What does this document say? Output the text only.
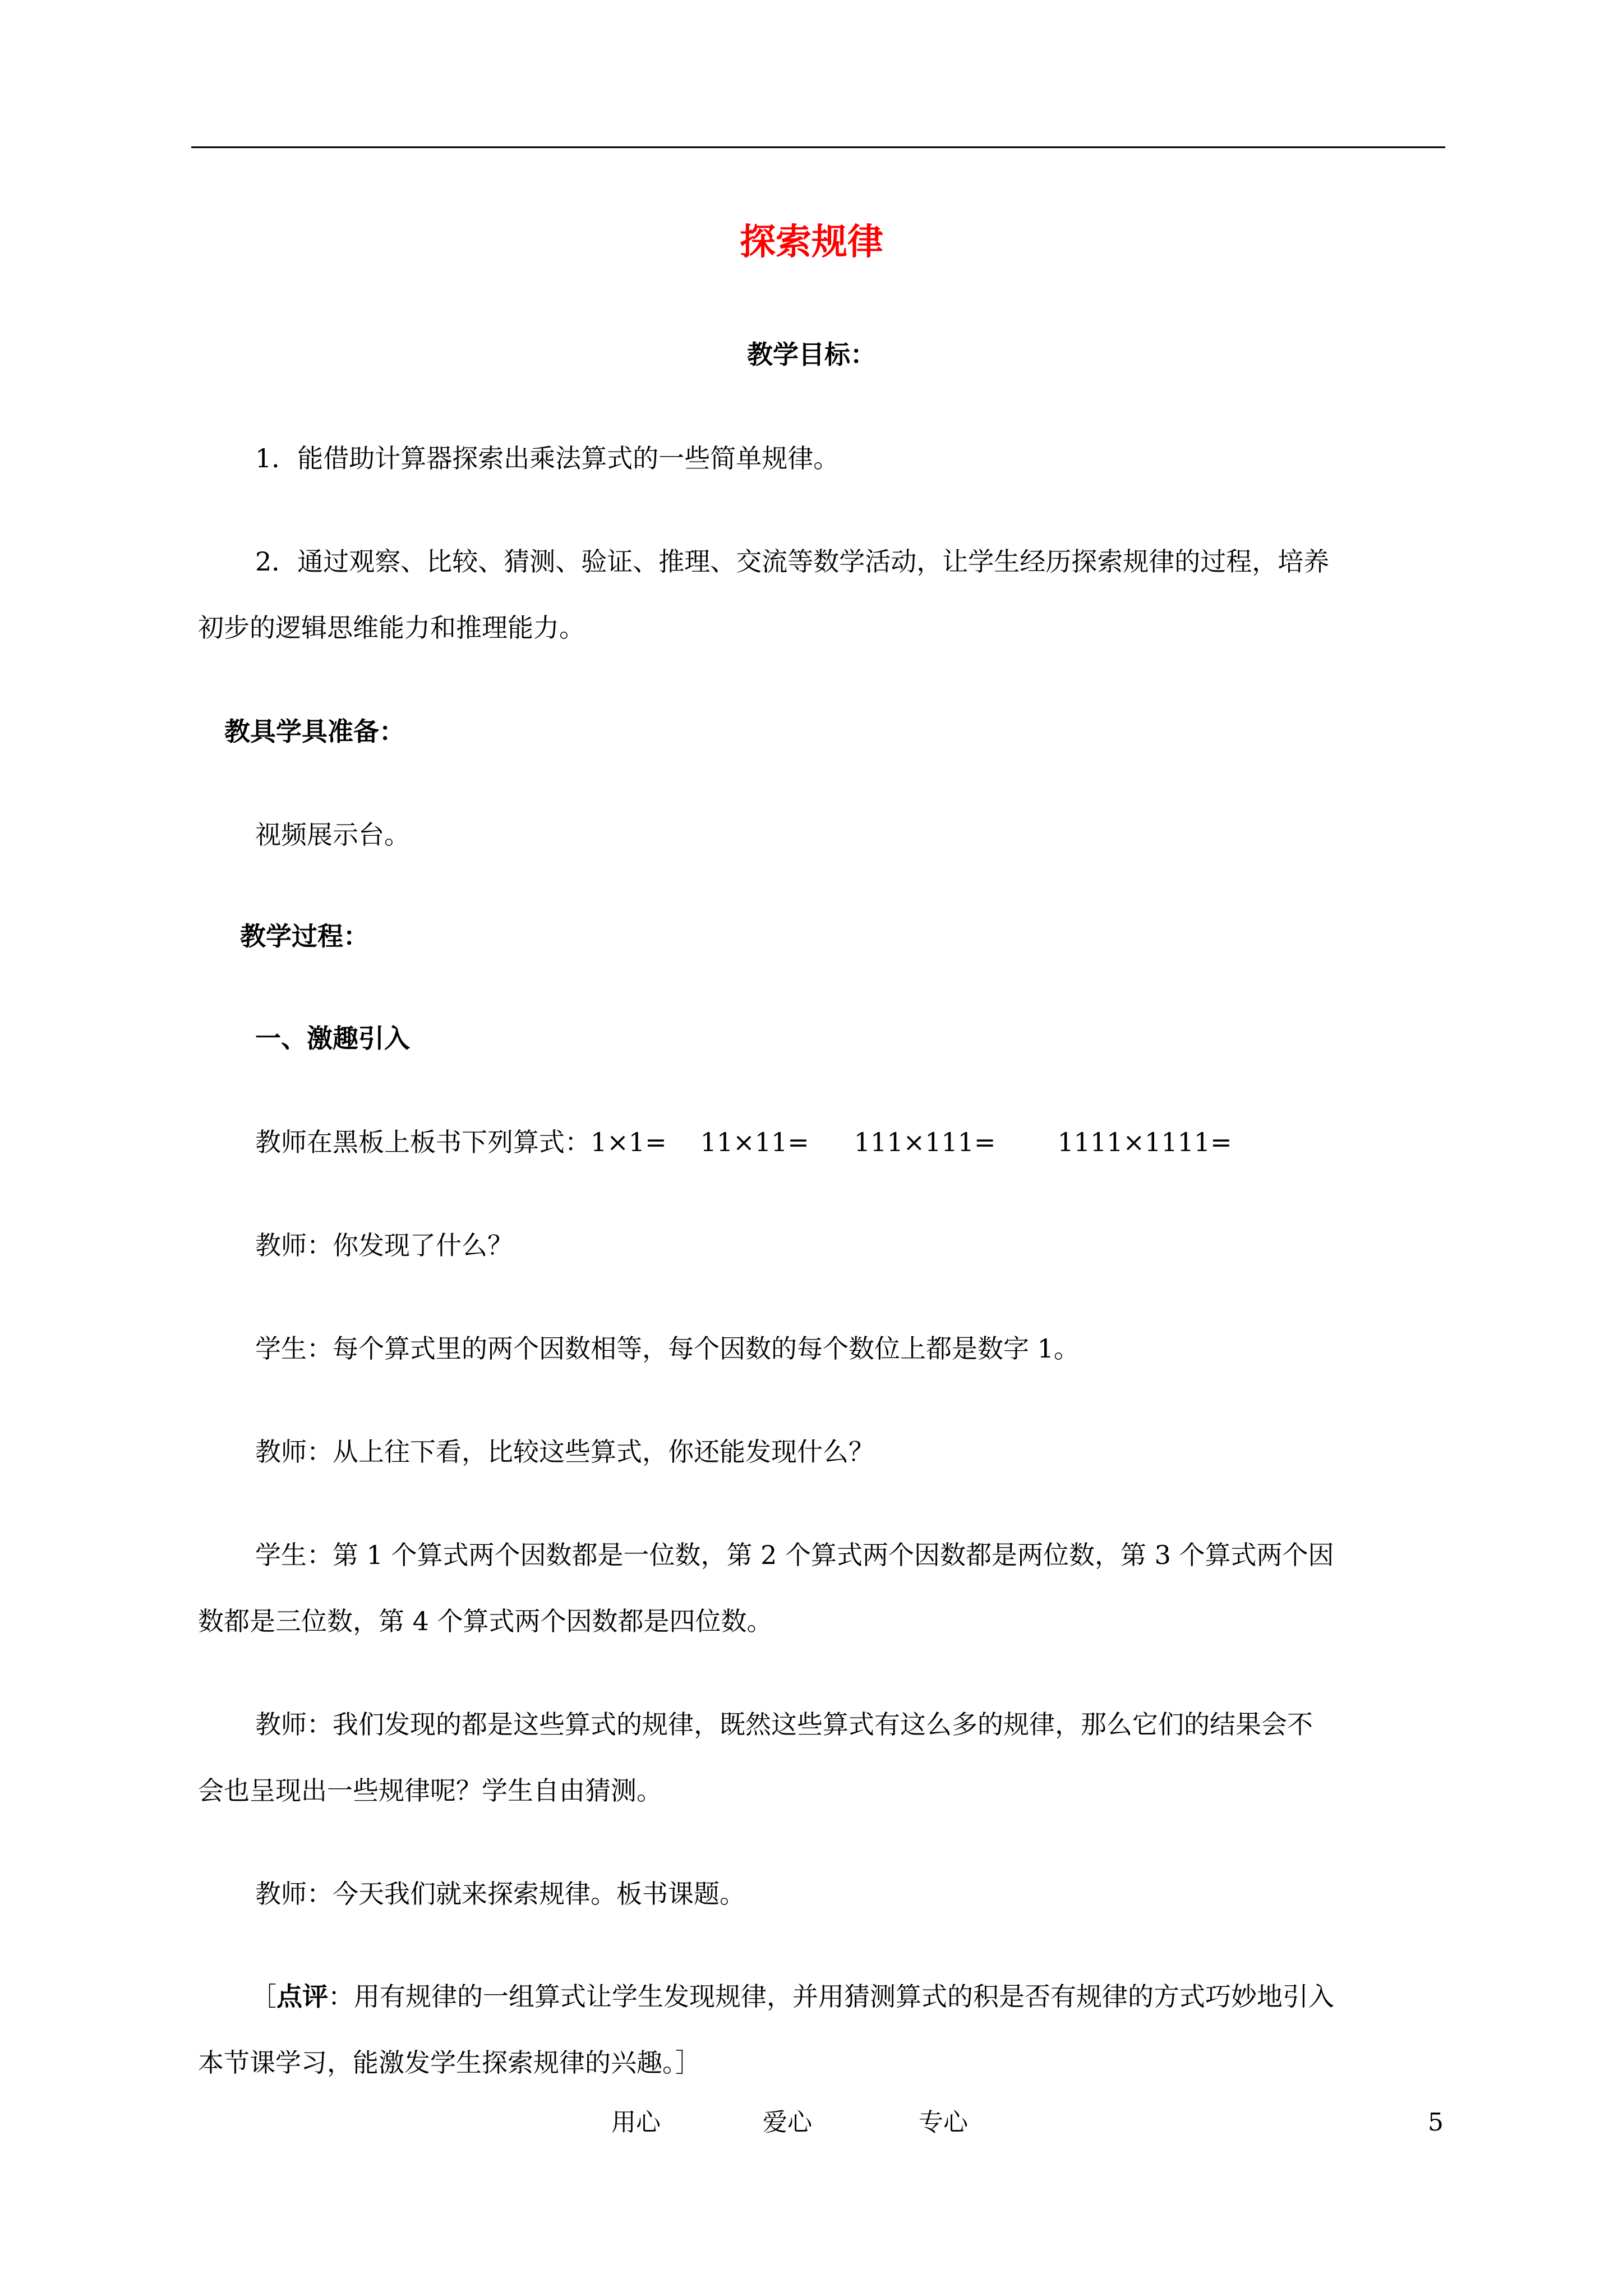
探索规律

教学目标：

1．能借助计算器探索出乘法算式的一些简单规律。

2．通过观察、比较、猜测、验证、推理、交流等数学活动，让学生经历探索规律的过程，培养

初步的逻辑思维能力和推理能力。

教具学具准备：

视频展示台。

教学过程：

一、激趣引入

教师在黑板上板书下列算式：1×1= 11×11= 111×111= 1111×1111=

教师：你发现了什么？

学生：每个算式里的两个因数相等，每个因数的每个数位上都是数字 1。

教师：从上往下看，比较这些算式，你还能发现什么？

学生：第 1 个算式两个因数都是一位数，第 2 个算式两个因数都是两位数，第 3 个算式两个因

数都是三位数，第 4 个算式两个因数都是四位数。

教师：我们发现的都是这些算式的规律，既然这些算式有这么多的规律，那么它们的结果会不

会也呈现出一些规律呢？学生自由猜测。

教师：今天我们就来探索规律。板书课题。

［点评：用有规律的一组算式让学生发现规律，并用猜测算式的积是否有规律的方式巧妙地引入

本节课学习，能激发学生探索规律的兴趣。］

用心	爱心	专心	5
